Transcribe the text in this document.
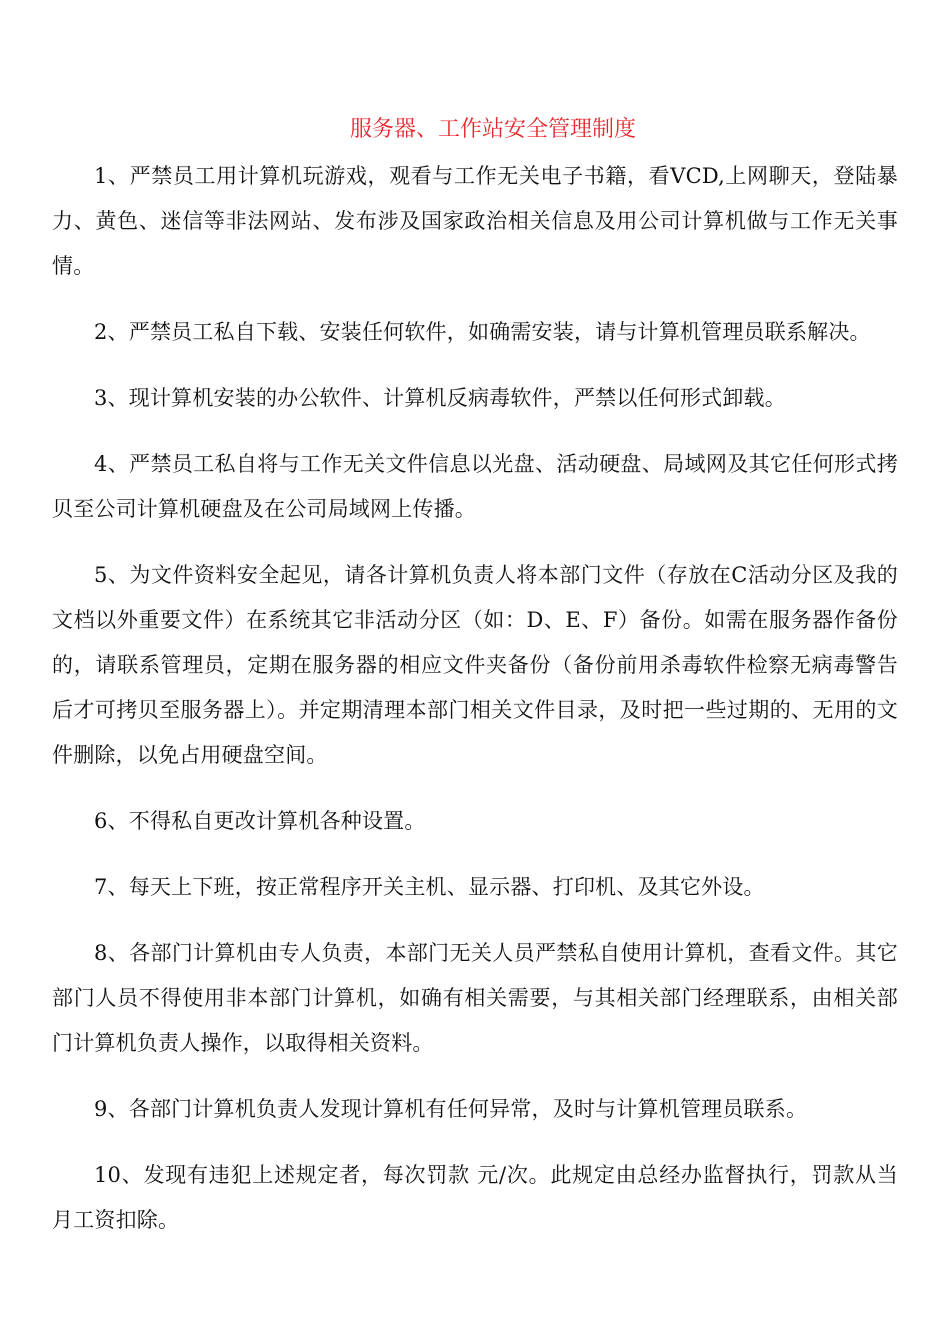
服务器、工作站安全管理制度

1、严禁员工用计算机玩游戏，观看与工作无关电子书籍，看VCD,上网聊天，登陆暴力、黄色、迷信等非法网站、发布涉及国家政治相关信息及用公司计算机做与工作无关事情。

2、严禁员工私自下载、安装任何软件，如确需安装，请与计算机管理员联系解决。

3、现计算机安装的办公软件、计算机反病毒软件，严禁以任何形式卸载。

4、严禁员工私自将与工作无关文件信息以光盘、活动硬盘、局域网及其它任何形式拷贝至公司计算机硬盘及在公司局域网上传播。

5、为文件资料安全起见，请各计算机负责人将本部门文件（存放在C活动分区及我的文档以外重要文件）在系统其它非活动分区（如：D、E、F）备份。如需在服务器作备份的，请联系管理员，定期在服务器的相应文件夹备份（备份前用杀毒软件检察无病毒警告后才可拷贝至服务器上）。并定期清理本部门相关文件目录，及时把一些过期的、无用的文件删除，以免占用硬盘空间。

6、不得私自更改计算机各种设置。

7、每天上下班，按正常程序开关主机、显示器、打印机、及其它外设。

8、各部门计算机由专人负责，本部门无关人员严禁私自使用计算机，查看文件。其它部门人员不得使用非本部门计算机，如确有相关需要，与其相关部门经理联系，由相关部门计算机负责人操作，以取得相关资料。

9、各部门计算机负责人发现计算机有任何异常，及时与计算机管理员联系。

10、发现有违犯上述规定者，每次罚款 元/次。此规定由总经办监督执行，罚款从当月工资扣除。
